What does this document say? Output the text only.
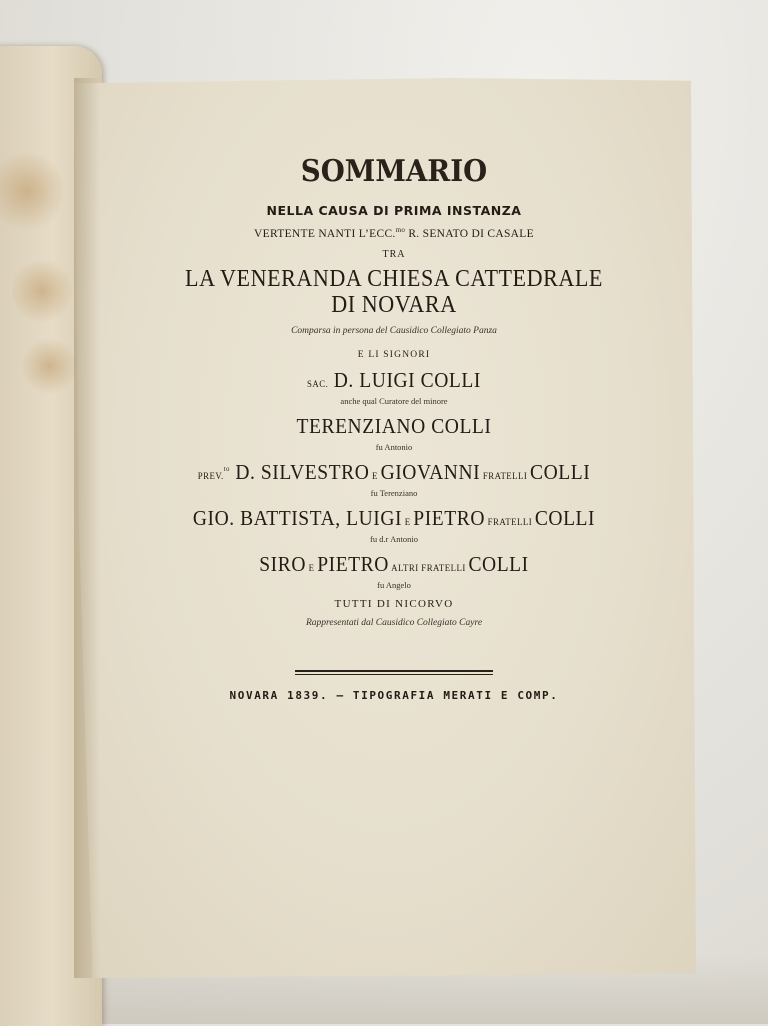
SOMMARIO
NELLA CAUSA DI PRIMA INSTANZA
VERTENTE NANTI L’ECC.$^{mo}$ R. SENATO DI CASALE
TRA
LA VENERANDA CHIESA CATTEDRALE
DI NOVARA
Comparsa in persona del Causidico Collegiato Panza
E LI SIGNORI
SAC. D. LUIGI COLLI
anche qual Curatore del minore
TERENZIANO COLLI
fu Antonio
PREV.$^{to}$ D. SILVESTRO E GIOVANNI FRATELLI COLLI
fu Terenziano
GIO. BATTISTA, LUIGI E PIETRO FRATELLI COLLI
fu d.r Antonio
SIRO E PIETRO ALTRI FRATELLI COLLI
fu Angelo
TUTTI DI NICORVO
Rappresentati dal Causidico Collegiato Cayre
NOVARA 1839. — TIPOGRAFIA MERATI E COMP.
